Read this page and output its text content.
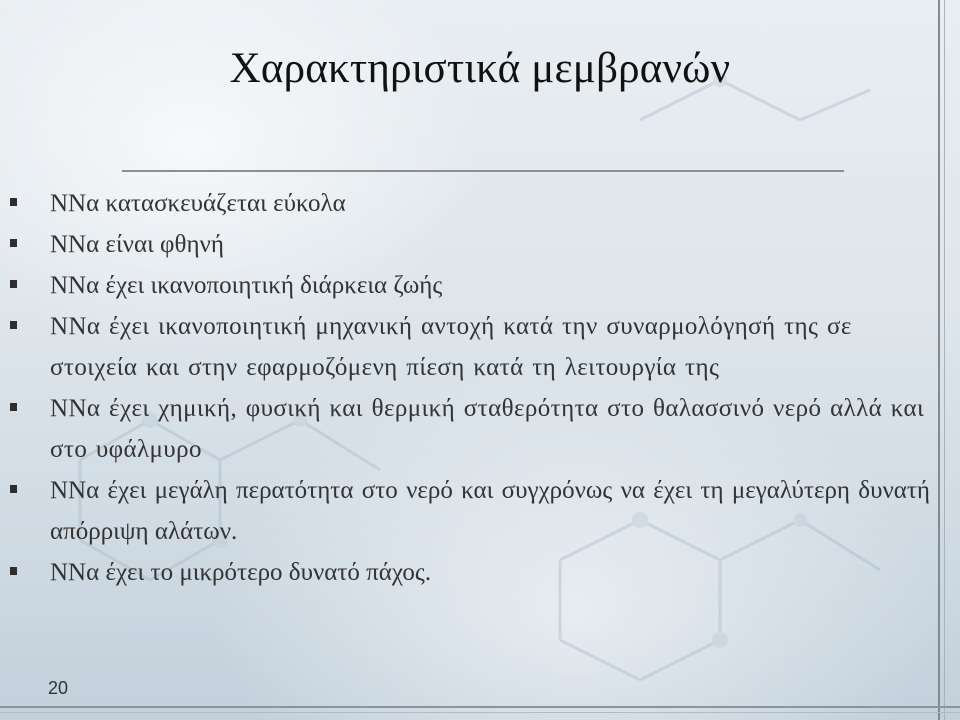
Χαρακτηριστικά μεμβρανών
ΝΝα κατασκευάζεται εύκολα
ΝΝα είναι φθηνή
ΝΝα έχει ικανοποιητική διάρκεια ζωής
ΝΝα έχει ικανοποιητική μηχανική αντοχή κατά την συναρμολόγησή της σε στοιχεία και στην εφαρμοζόμενη πίεση κατά τη λειτουργία της
ΝΝα έχει χημική, φυσική και θερμική σταθερότητα στο θαλασσινό νερό αλλά και στο υφάλμυρο
ΝΝα έχει μεγάλη περατότητα στο νερό και συγχρόνως να έχει τη μεγαλύτερη δυνατή απόρριψη αλάτων.
ΝΝα έχει το μικρότερο δυνατό πάχος.
20
